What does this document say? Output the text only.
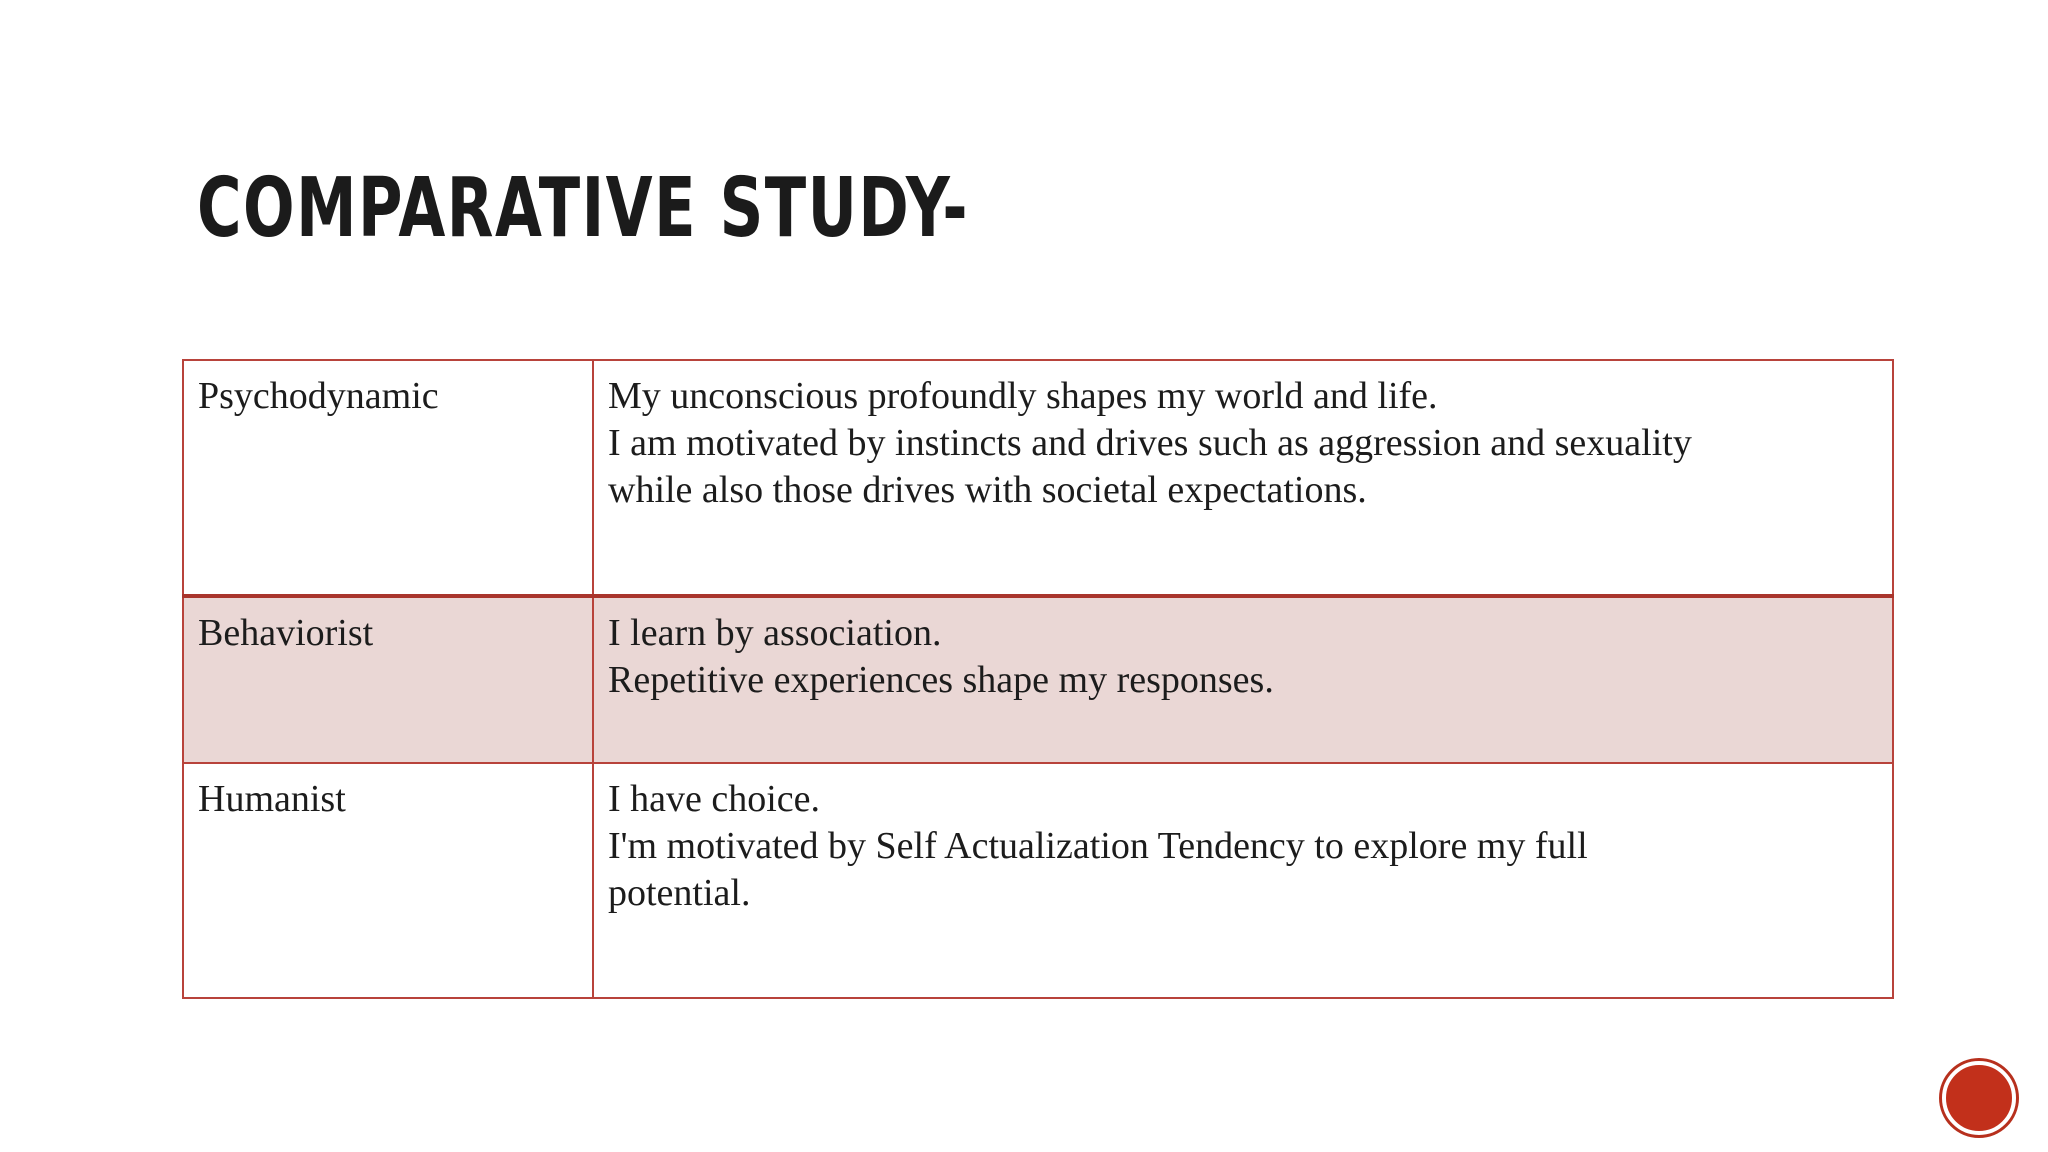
COMPARATIVE STUDY-
Psychodynamic	My unconscious profoundly shapes my world and life.
I am motivated by instincts and drives such as aggression and sexuality
while also those drives with societal expectations.

Behaviorist	I learn by association.
Repetitive experiences shape my responses.

Humanist	I have choice.
I'm motivated by Self Actualization Tendency to explore my full
potential.
